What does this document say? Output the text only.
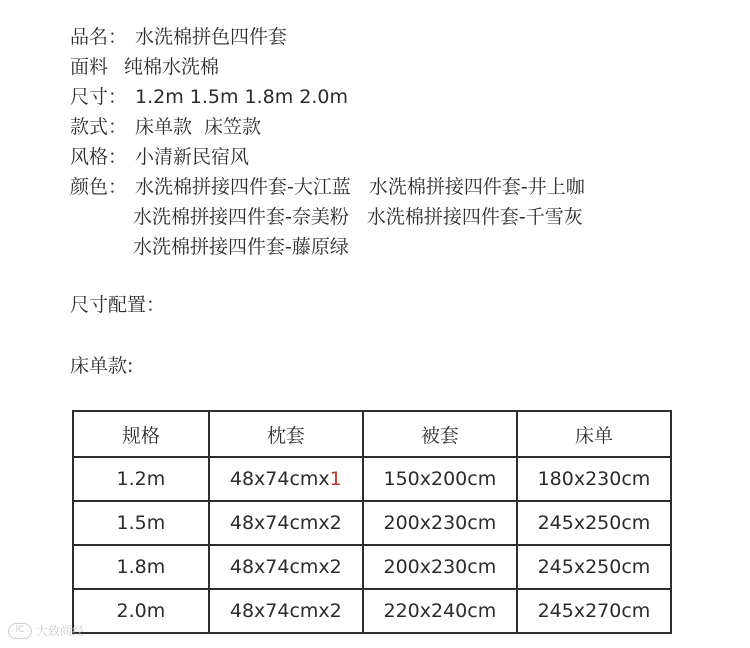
品名： 水洗棉拼色四件套
面料 纯棉水洗棉
尺寸： 1.2m 1.5m 1.8m 2.0m
款式： 床单款  床笠款
风格： 小清新民宿风
颜色： 水洗棉拼接四件套-大江蓝 水洗棉拼接四件套-井上咖
水洗棉拼接四件套-奈美粉 水洗棉拼接四件套-千雪灰
水洗棉拼接四件套-藤原绿
尺寸配置：
床单款:
规格	枕套	被套	床单
1.2m	48x74cmx1	150x200cm	180x230cm
1.5m	48x74cmx2	200x230cm	245x250cm
1.8m	48x74cmx2	200x230cm	245x250cm
2.0m	48x74cmx2	220x240cm	245x270cm
lC 大致尚经
